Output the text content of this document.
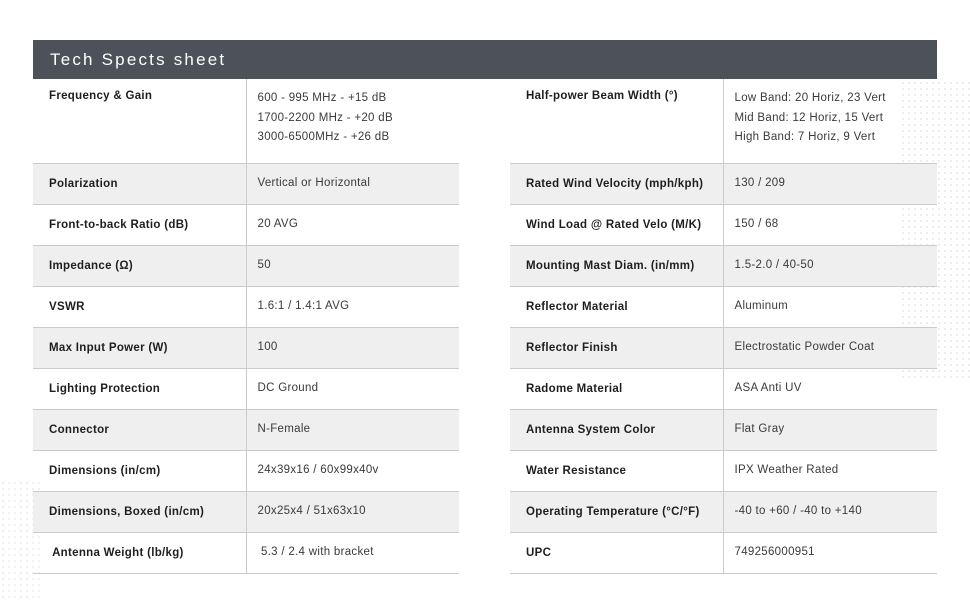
Tech Spects sheet
Frequency & Gain	600 - 995 MHz - +15 dB
1700-2200 MHz - +20 dB
3000-6500MHz - +26 dB

Polarization	Vertical or Horizontal

Front-to-back Ratio (dB)	20 AVG

Impedance (Ω)	50

VSWR	1.6:1 / 1.4:1 AVG

Max Input Power (W)	100

Lighting Protection	DC Ground

Connector	N-Female

Dimensions (in/cm)	24x39x16 / 60x99x40v

Dimensions, Boxed (in/cm)	20x25x4 / 51x63x10

Antenna Weight (lb/kg)	5.3 / 2.4 with bracket
Half-power Beam Width (°)	Low Band: 20 Horiz, 23 Vert
Mid Band: 12 Horiz, 15 Vert
High Band: 7 Horiz, 9 Vert

Rated Wind Velocity (mph/kph)	130 / 209

Wind Load @ Rated Velo (M/K)	150 / 68

Mounting Mast Diam. (in/mm)	1.5-2.0 / 40-50

Reflector Material	Aluminum

Reflector Finish	Electrostatic Powder Coat

Radome Material	ASA Anti UV

Antenna System Color	Flat Gray

Water Resistance	IPX Weather Rated

Operating Temperature (°C/°F)	-40 to +60 / -40 to +140

UPC	749256000951
